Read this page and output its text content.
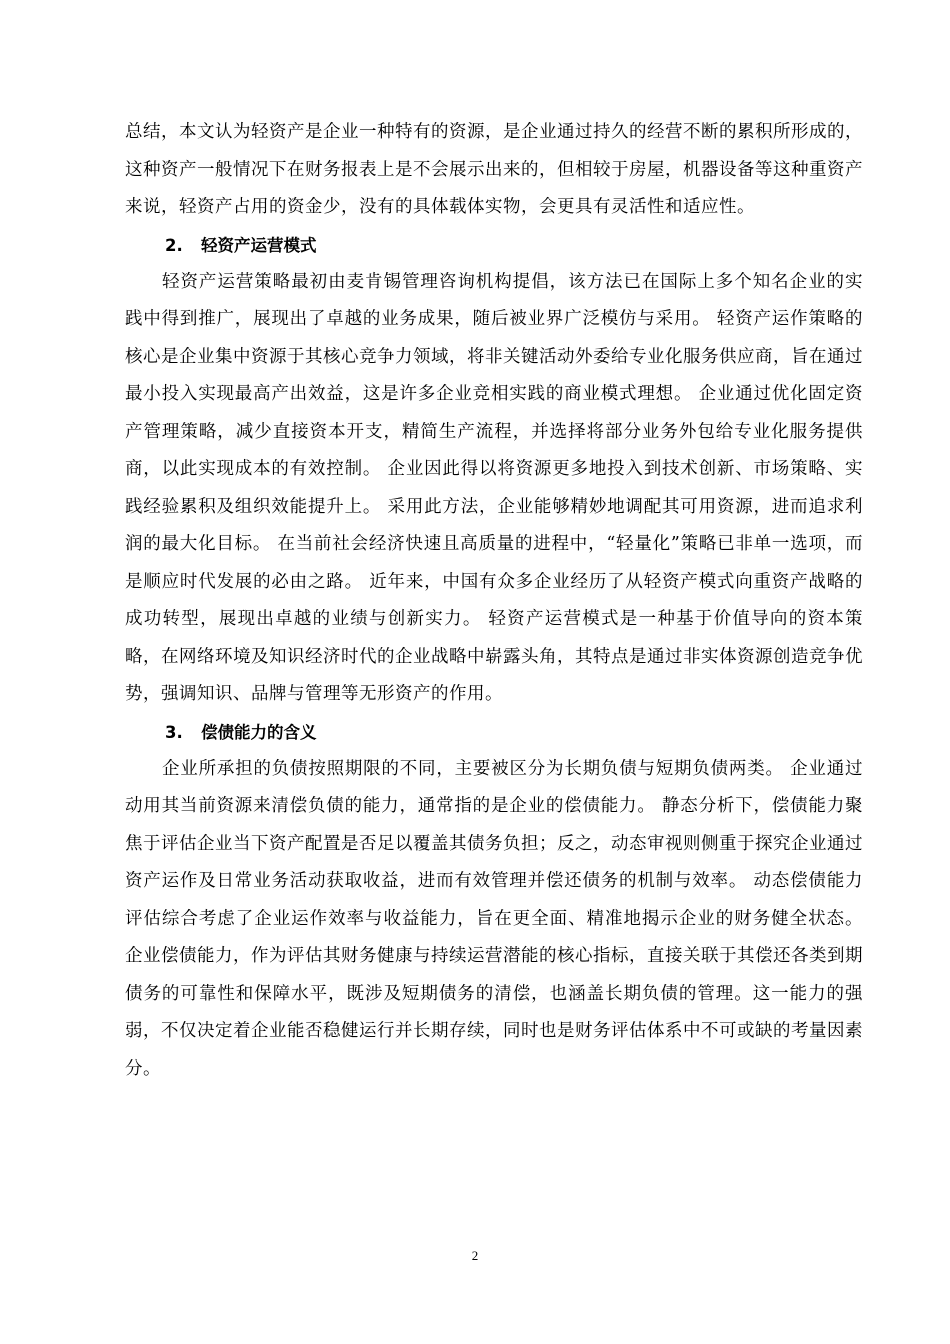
总结，本文认为轻资产是企业一种特有的资源，是企业通过持久的经营不断的累积所形成的，这种资产一般情况下在财务报表上是不会展示出来的，但相较于房屋，机器设备等这种重资产来说，轻资产占用的资金少，没有的具体载体实物，会更具有灵活性和适应性。

2. 轻资产运营模式

轻资产运营策略最初由麦肯锡管理咨询机构提倡，该方法已在国际上多个知名企业的实践中得到推广，展现出了卓越的业务成果，随后被业界广泛模仿与采用。 轻资产运作策略的核心是企业集中资源于其核心竞争力领域，将非关键活动外委给专业化服务供应商，旨在通过最小投入实现最高产出效益，这是许多企业竞相实践的商业模式理想。 企业通过优化固定资产管理策略，减少直接资本开支，精简生产流程，并选择将部分业务外包给专业化服务提供商，以此实现成本的有效控制。 企业因此得以将资源更多地投入到技术创新、市场策略、实践经验累积及组织效能提升上。 采用此方法，企业能够精妙地调配其可用资源，进而追求利润的最大化目标。 在当前社会经济快速且高质量的进程中，“轻量化”策略已非单一选项，而是顺应时代发展的必由之路。 近年来，中国有众多企业经历了从轻资产模式向重资产战略的成功转型，展现出卓越的业绩与创新实力。 轻资产运营模式是一种基于价值导向的资本策略，在网络环境及知识经济时代的企业战略中崭露头角，其特点是通过非实体资源创造竞争优势，强调知识、品牌与管理等无形资产的作用。

3. 偿债能力的含义

企业所承担的负债按照期限的不同，主要被区分为长期负债与短期负债两类。 企业通过动用其当前资源来清偿负债的能力，通常指的是企业的偿债能力。 静态分析下，偿债能力聚焦于评估企业当下资产配置是否足以覆盖其债务负担；反之，动态审视则侧重于探究企业通过资产运作及日常业务活动获取收益，进而有效管理并偿还债务的机制与效率。 动态偿债能力评估综合考虑了企业运作效率与收益能力，旨在更全面、精准地揭示企业的财务健全状态。 企业偿债能力，作为评估其财务健康与持续运营潜能的核心指标，直接关联于其偿还各类到期债务的可靠性和保障水平，既涉及短期债务的清偿，也涵盖长期负债的管理。这一能力的强弱，不仅决定着企业能否稳健运行并长期存续，同时也是财务评估体系中不可或缺的考量因素分。

2
